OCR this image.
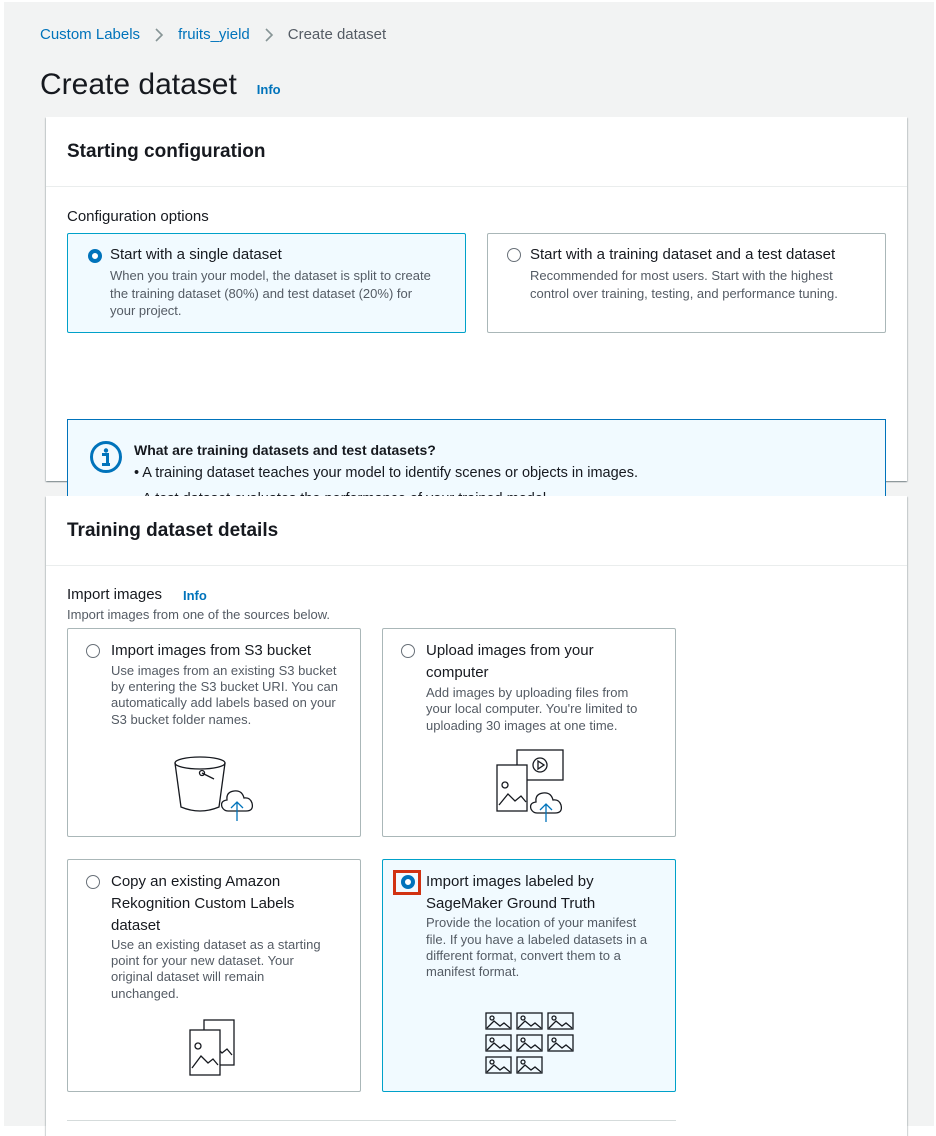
Custom Labels	fruits_yield	Create dataset
Create dataset Info
Starting configuration
Configuration options
Start with a single dataset
When you train your model, the dataset is split to create
the training dataset (80%) and test dataset (20%) for
your project.
Start with a training dataset and a test dataset
Recommended for most users. Start with the highest
control over training, testing, and performance tuning.
What are training datasets and test datasets?
• A training dataset teaches your model to identify scenes or objects in images.
Training dataset details
Import images Info
Import images from one of the sources below.
Import images from S3 bucket
Use images from an existing S3 bucket
by entering the S3 bucket URI. You can
automatically add labels based on your
S3 bucket folder names.
Upload images from your
computer
Add images by uploading files from
your local computer. You're limited to
uploading 30 images at one time.
Copy an existing Amazon
Rekognition Custom Labels
dataset
Use an existing dataset as a starting
point for your new dataset. Your
original dataset will remain
unchanged.
Import images labeled by
SageMaker Ground Truth
Provide the location of your manifest
file. If you have a labeled datasets in a
different format, convert them to a
manifest format.
